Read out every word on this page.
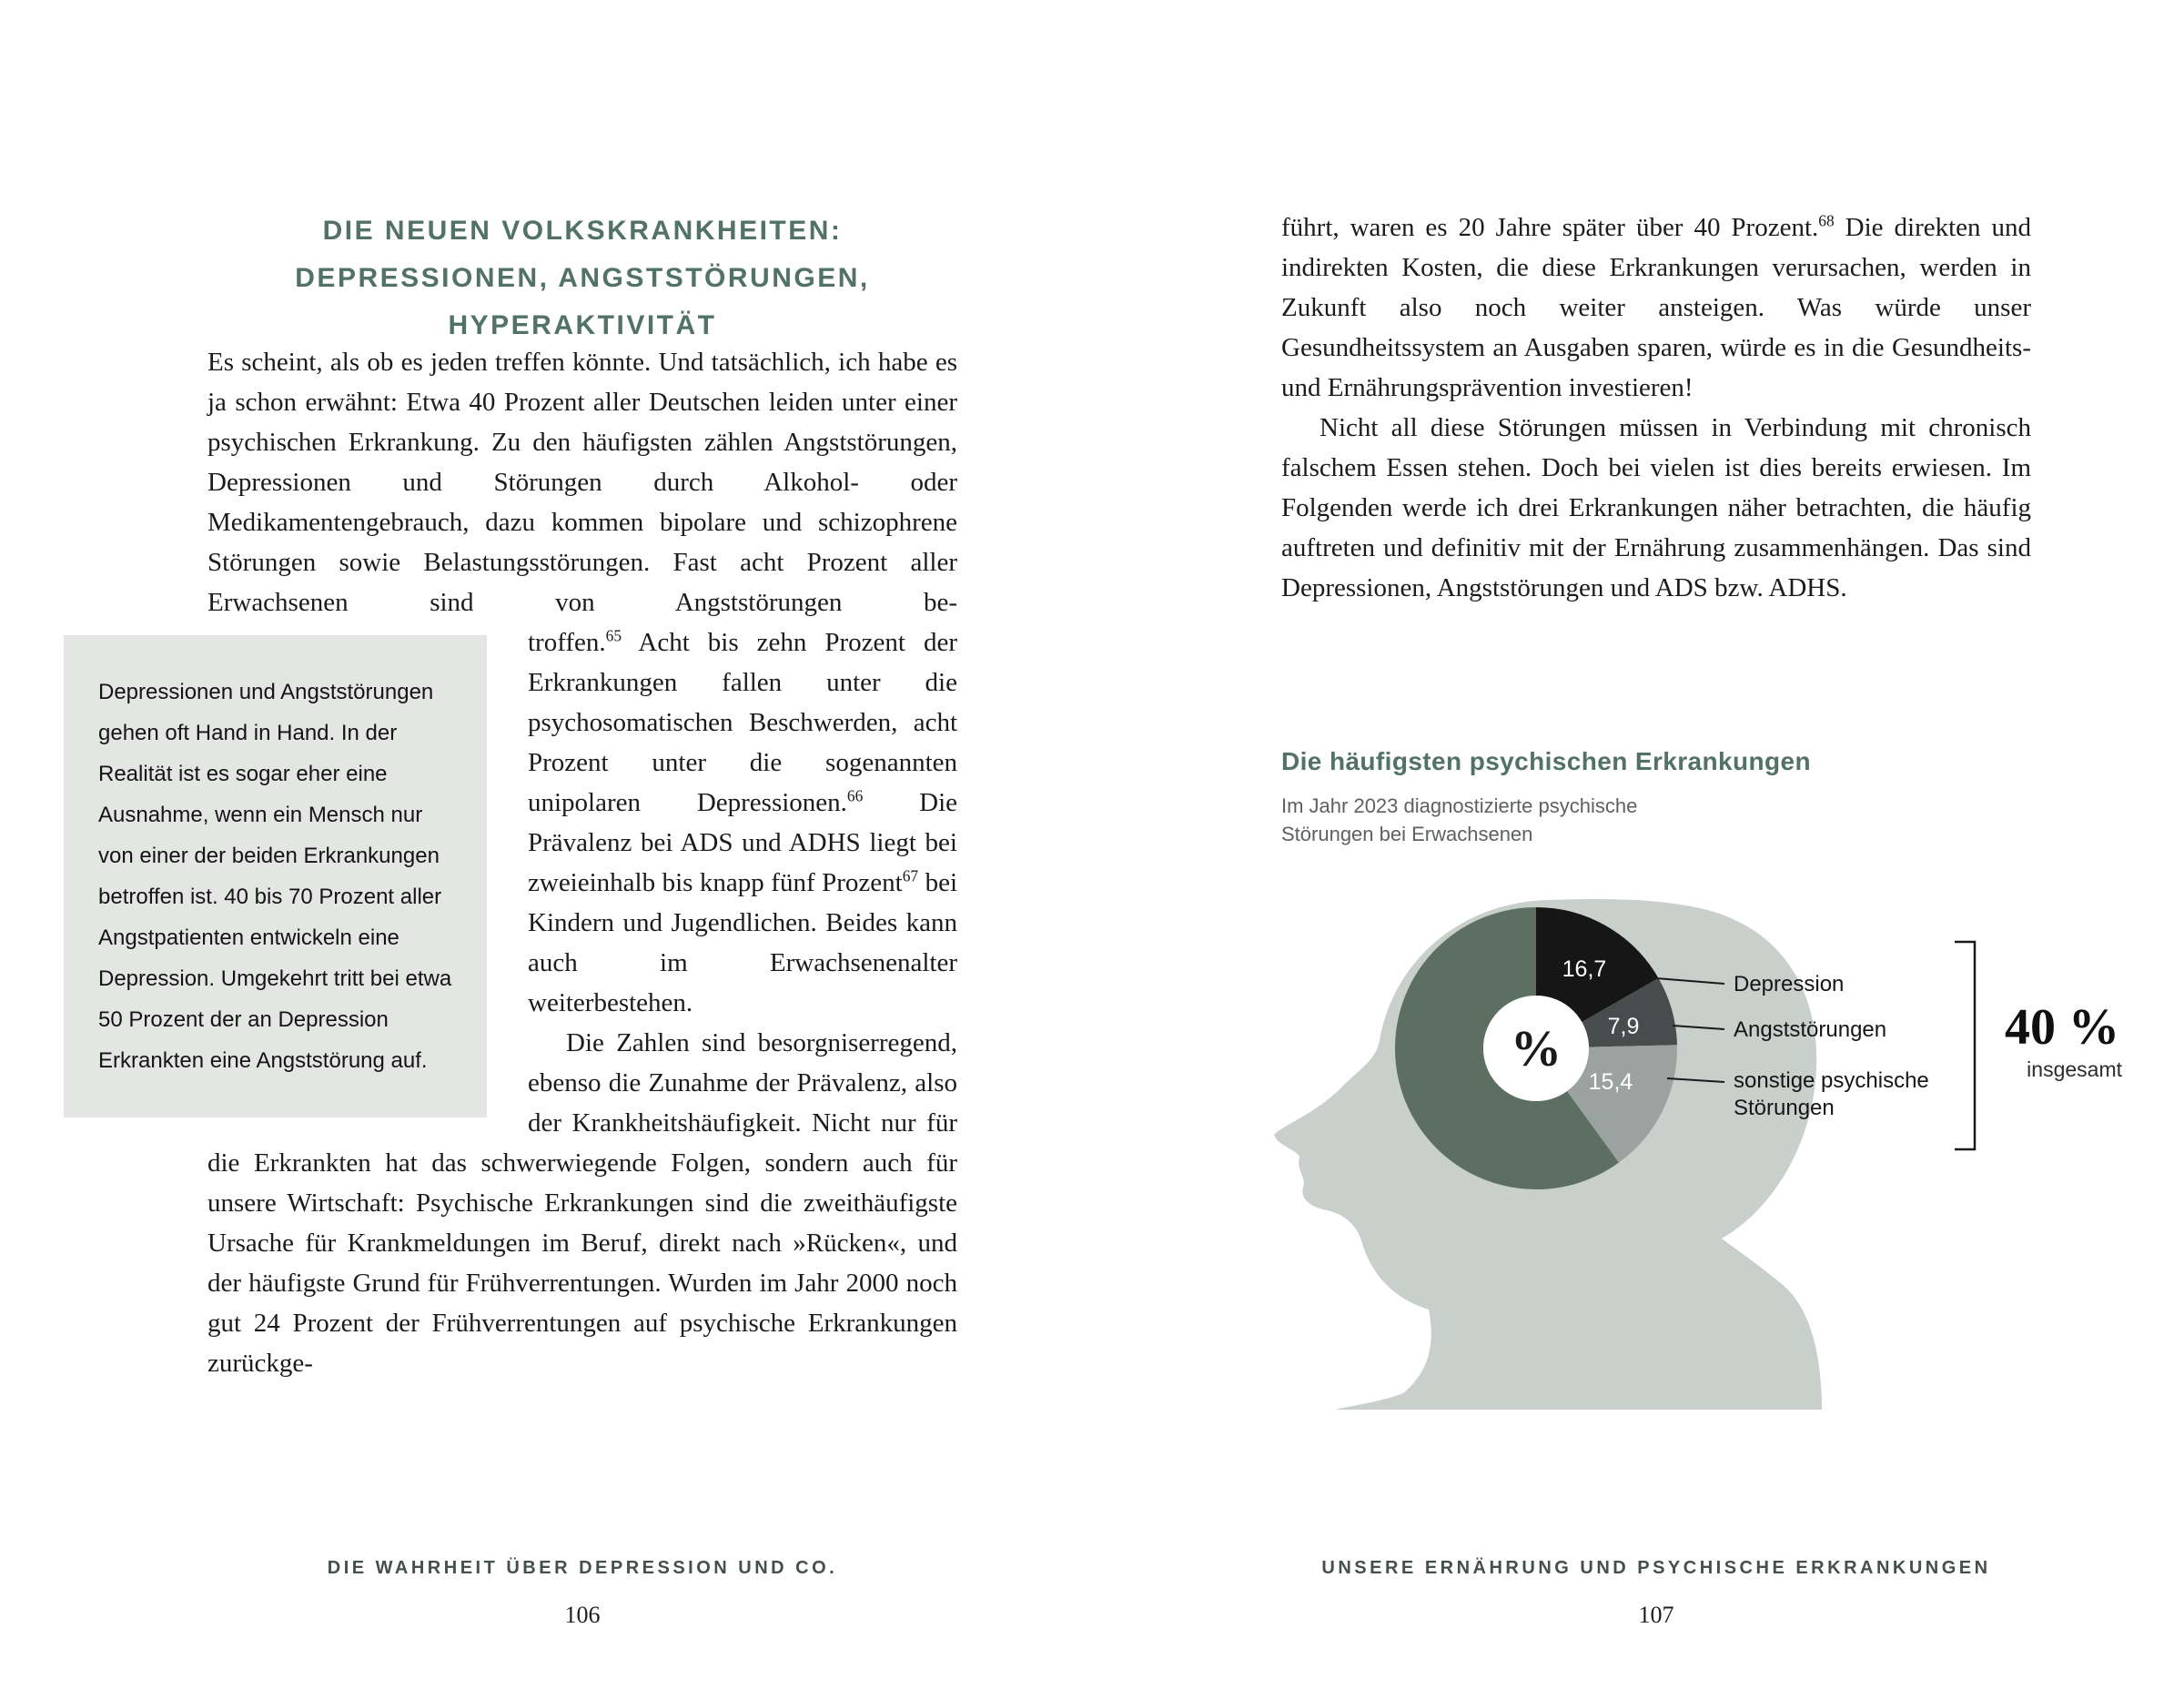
DIE NEUEN VOLKSKRANKHEITEN:
DEPRESSIONEN, ANGSTSTÖRUNGEN,
HYPERAKTIVITÄT

Es scheint, als ob es jeden treffen könnte. Und tatsächlich, ich habe es ja schon erwähnt: Etwa 40 Prozent aller Deutschen leiden unter einer psychischen Erkrankung. Zu den häufigsten zählen Angststörungen, Depressionen und Störungen durch Alkohol- oder Medikamentengebrauch, dazu kommen bipolare und schizophrene Störungen sowie Belastungsstörungen. Fast acht Prozent aller Erwachsenen sind von Angststörungen be-

Depressionen und Angststörungen gehen oft Hand in Hand. In der Realität ist es sogar eher eine Ausnahme, wenn ein Mensch nur von einer der beiden Erkrankungen betroffen ist. 40 bis 70 Prozent aller Angstpatienten entwickeln eine Depression. Umgekehrt tritt bei etwa 50 Prozent der an Depression Erkrankten eine Angststörung auf.

troffen.$^{65}$ Acht bis zehn Prozent der Erkrankungen fallen unter die psychosomatischen Beschwerden, acht Prozent unter die sogenannten unipolaren Depressionen.$^{66}$ Die Prävalenz bei ADS und ADHS liegt bei zweieinhalb bis knapp fünf Prozent$^{67}$ bei Kindern und Jugendlichen. Beides kann auch im Erwachsenenalter weiterbestehen.

Die Zahlen sind besorgniserregend, ebenso die Zunahme der Prävalenz, also der Krankheitshäufigkeit. Nicht nur für die Erkrankten hat das schwerwiegende Folgen, sondern auch für unsere Wirtschaft: Psychische Erkrankungen sind die zweithäufigste Ursache für Krankmeldungen im Beruf, direkt nach »Rücken«, und der häufigste Grund für Frühverrentungen. Wurden im Jahr 2000 noch gut 24 Prozent der Frühverrentungen auf psychische Erkrankungen zurückge-

DIE WAHRHEIT ÜBER DEPRESSION UND CO.
106

führt, waren es 20 Jahre später über 40 Prozent.$^{68}$ Die direkten und indirekten Kosten, die diese Erkrankungen verursachen, werden in Zukunft also noch weiter ansteigen. Was würde unser Gesundheitssystem an Ausgaben sparen, würde es in die Gesundheits- und Ernährungsprävention investieren!

Nicht all diese Störungen müssen in Verbindung mit chronisch falschem Essen stehen. Doch bei vielen ist dies bereits erwiesen. Im Folgenden werde ich drei Erkrankungen näher betrachten, die häufig auftreten und definitiv mit der Ernährung zusammenhängen. Das sind Depressionen, Angststörungen und ADS bzw. ADHS.

Die häufigsten psychischen Erkrankungen
Im Jahr 2023 diagnostizierte psychische
Störungen bei Erwachsenen
%
16,7
7,9
15,4
Depression
Angststörungen
sonstige psychische
Störungen
40 %
insgesamt
UNSERE ERNÄHRUNG UND PSYCHISCHE ERKRANKUNGEN
107
